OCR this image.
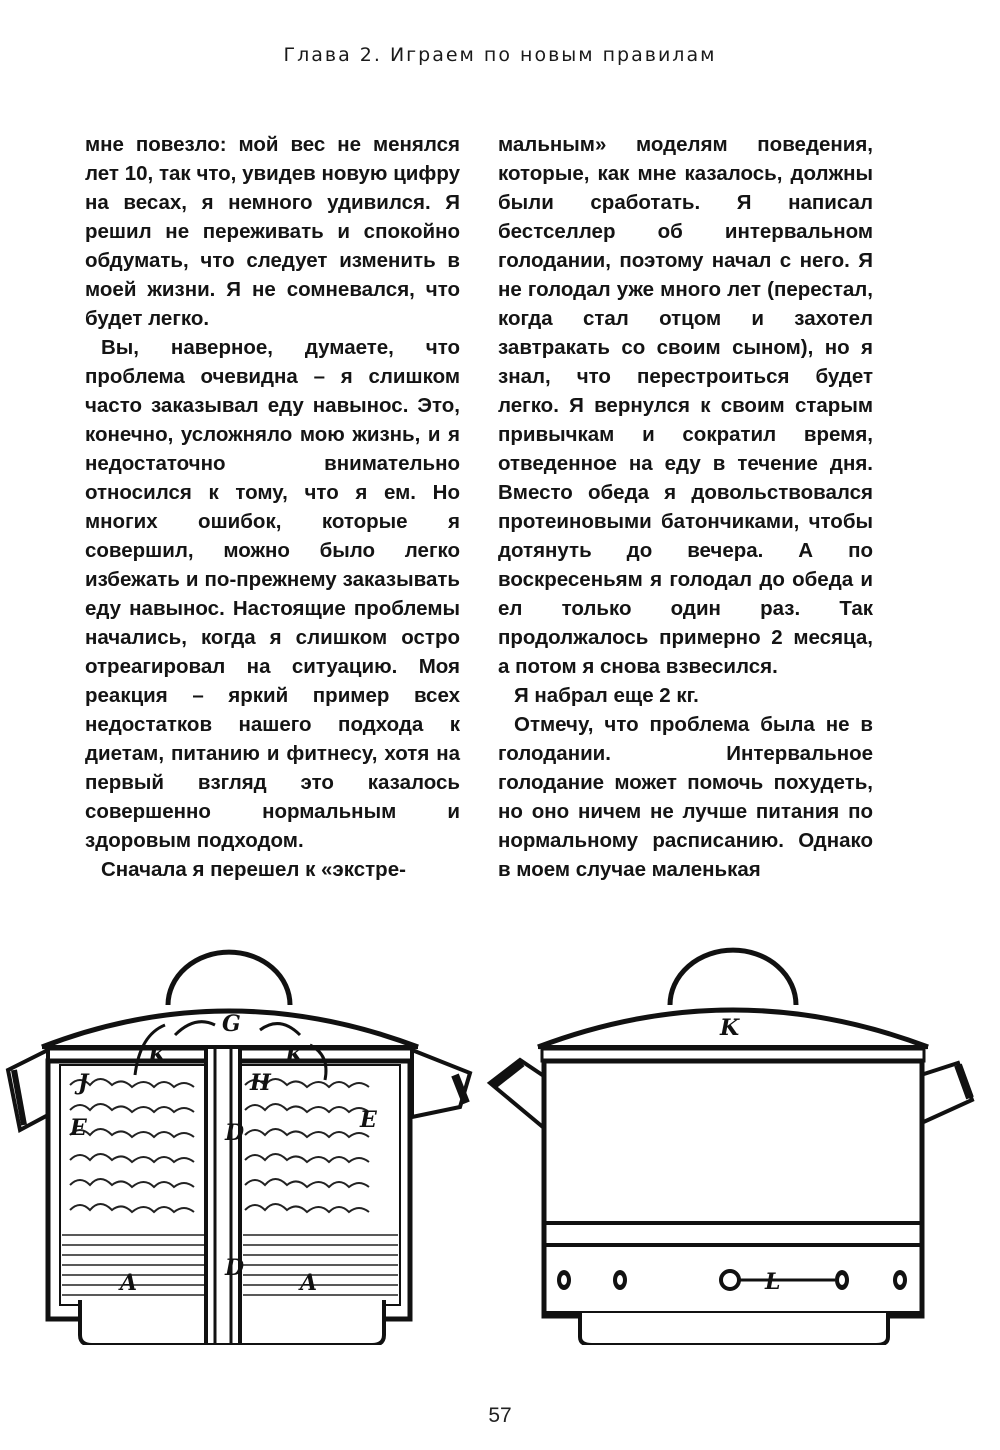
Глава 2. Играем по новым правилам

мне повезло: мой вес не менялся лет 10, так что, увидев новую цифру на весах, я немного удивился. Я решил не переживать и спокойно обдумать, что следует изменить в моей жизни. Я не сомневался, что будет легко.

Вы, наверное, думаете, что проблема очевидна – я слишком часто заказывал еду навынос. Это, конечно, усложняло мою жизнь, и я недостаточно внимательно относился к тому, что я ем. Но многих ошибок, которые я совершил, можно было легко избежать и по-прежнему заказывать еду навынос. Настоящие проблемы начались, когда я слишком остро отреагировал на ситуацию. Моя реакция – яркий пример всех недостатков нашего подхода к диетам, питанию и фитнесу, хотя на первый взгляд это казалось совершенно нормальным и здоровым подходом.

Сначала я перешел к «экстре-

мальным» моделям поведения, которые, как мне казалось, должны были сработать. Я написал бестселлер об интервальном голодании, поэтому начал с него. Я не голодал уже много лет (перестал, когда стал отцом и захотел завтракать со своим сыном), но я знал, что перестроиться будет легко. Я вернулся к своим старым привычкам и сократил время, отведенное на еду в течение дня. Вместо обеда я довольствовался протеиновыми батончиками, чтобы дотянуть до вечера. А по воскресеньям я голодал до обеда и ел только один раз. Так продолжалось примерно 2 месяца, а потом я снова взвесился.

Я набрал еще 2 кг.

Отмечу, что проблема была не в голодании. Интервальное голодание может помочь похудеть, но оно ничем не лучше питания по нормальному расписанию. Однако в моем случае маленькая

G
K	K
J	H
E	E
D
D
A	A
K
L
57
